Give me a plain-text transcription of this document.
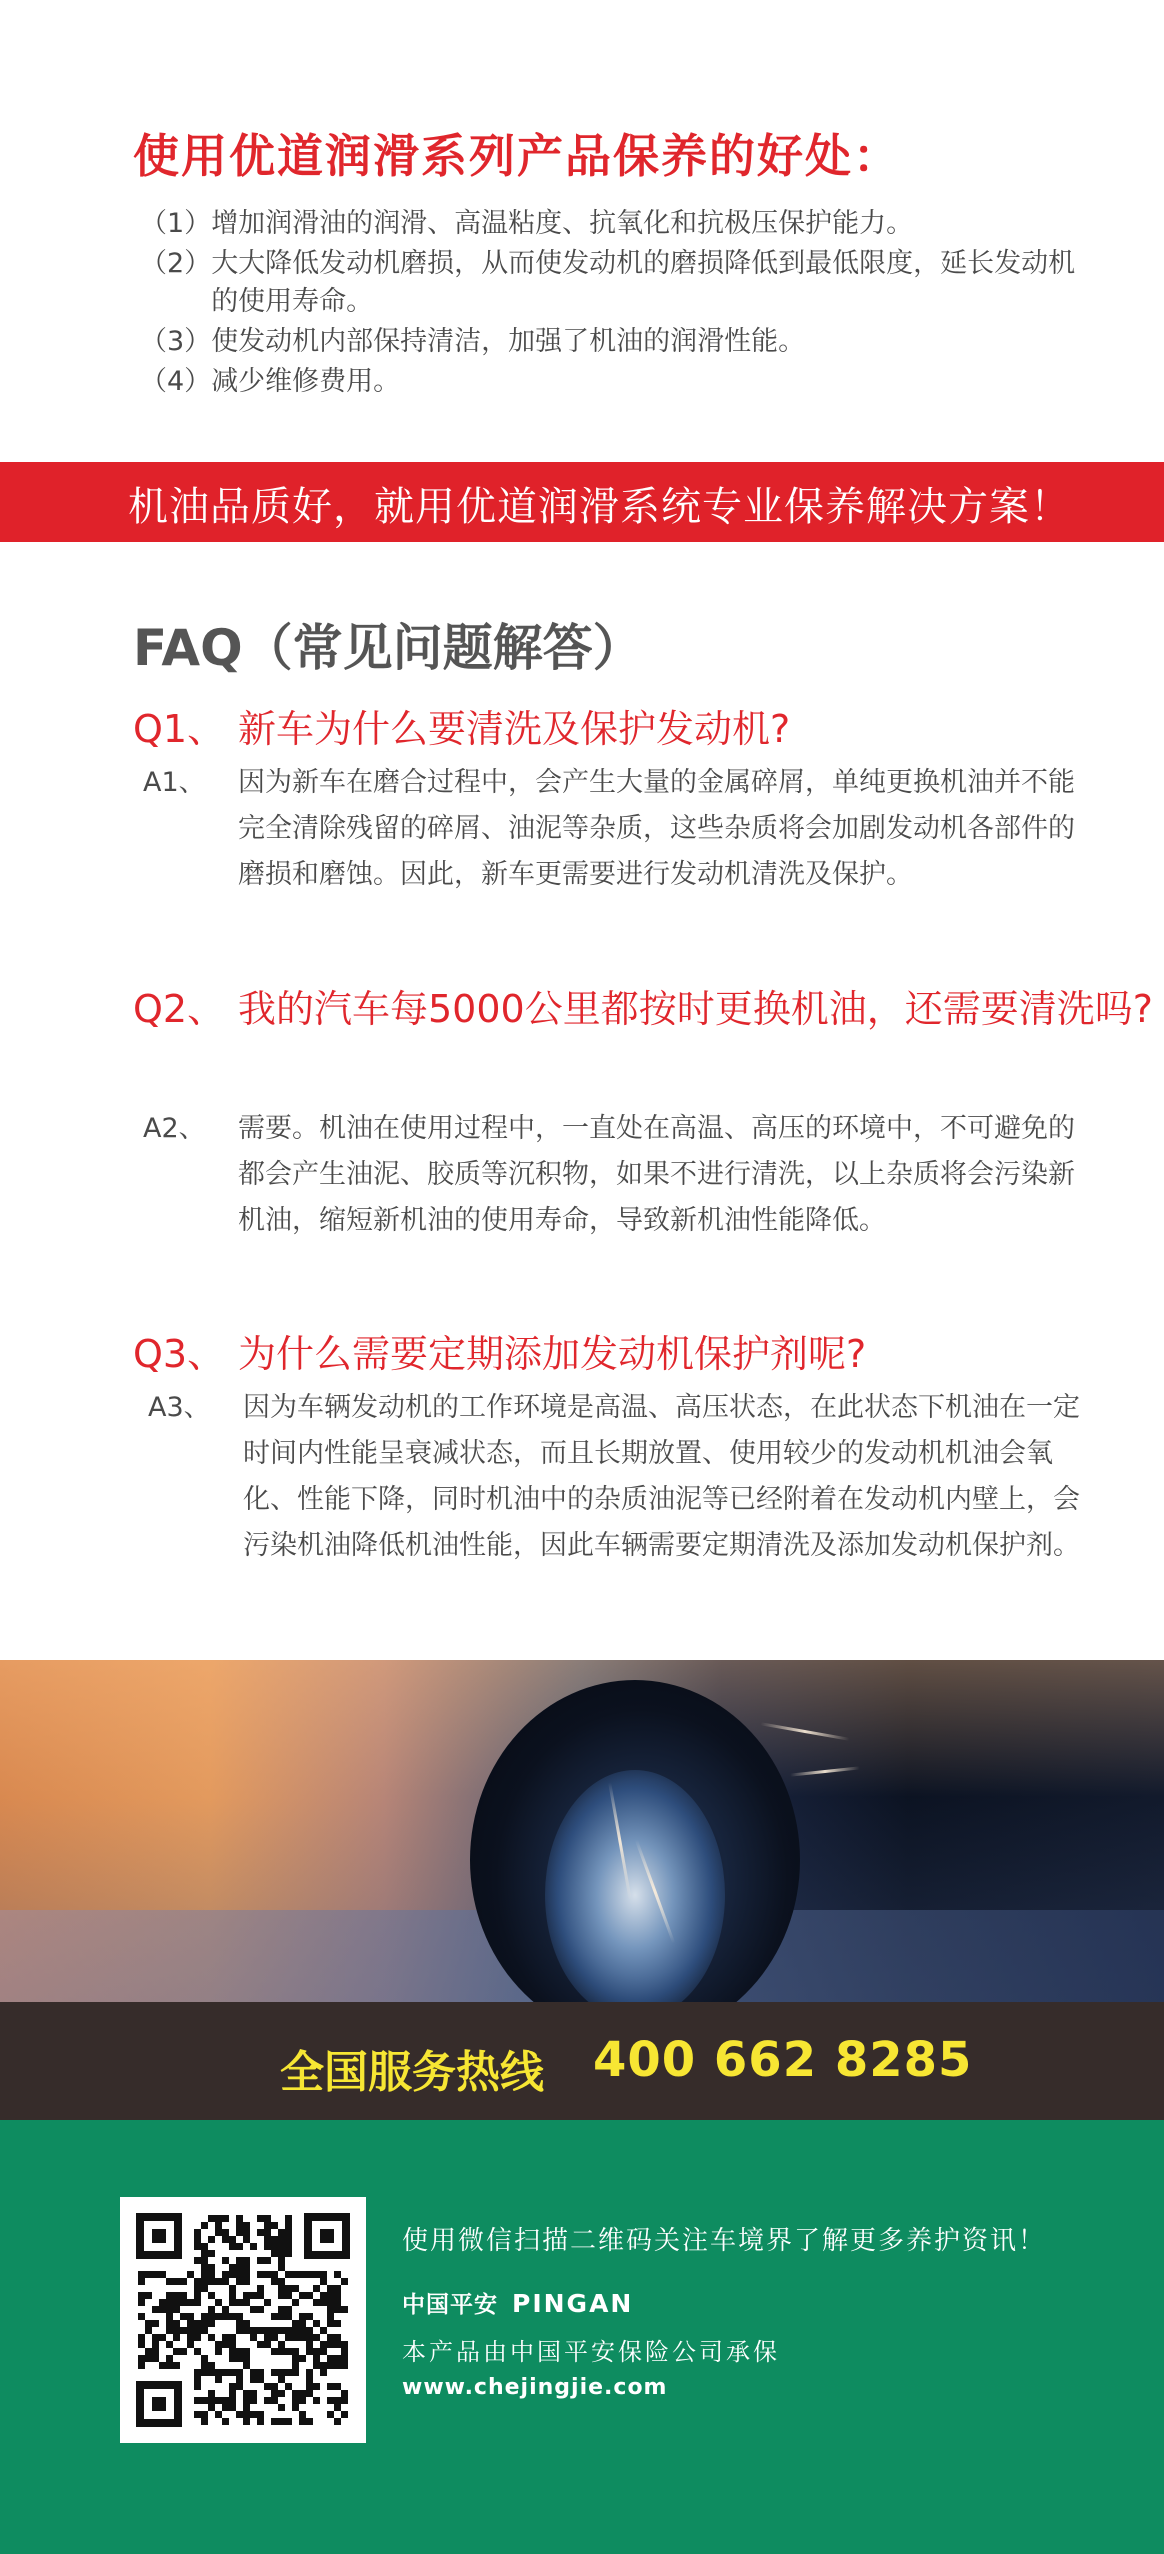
使用优道润滑系列产品保养的好处：
（1） 增加润滑油的润滑、高温粘度、抗氧化和抗极压保护能力。
（2） 大大降低发动机磨损，从而使发动机的磨损降低到最低限度，延长发动机的使用寿命。
（3） 使发动机内部保持清洁，加强了机油的润滑性能。
（4） 减少维修费用。
机油品质好，就用优道润滑系统专业保养解决方案！
FAQ（常见问题解答）
Q1、 新车为什么要清洗及保护发动机?
A1、 因为新车在磨合过程中，会产生大量的金属碎屑，单纯更换机油并不能完全清除残留的碎屑、油泥等杂质，这些杂质将会加剧发动机各部件的磨损和磨蚀。因此，新车更需要进行发动机清洗及保护。
Q2、 我的汽车每5000公里都按时更换机油，还需要清洗吗?
A2、 需要。机油在使用过程中，一直处在高温、高压的环境中，不可避免的都会产生油泥、胶质等沉积物，如果不进行清洗，以上杂质将会污染新机油，缩短新机油的使用寿命，导致新机油性能降低。
Q3、 为什么需要定期添加发动机保护剂呢?
A3、 因为车辆发动机的工作环境是高温、高压状态，在此状态下机油在一定时间内性能呈衰减状态，而且长期放置、使用较少的发动机机油会氧化、性能下降，同时机油中的杂质油泥等已经附着在发动机内壁上，会污染机油降低机油性能，因此车辆需要定期清洗及添加发动机保护剂。
全国服务热线 400 662 8285
使用微信扫描二维码关注车境界了解更多养护资讯！
中国平安 PINGAN
本产品由中国平安保险公司承保
www.chejingjie.com
